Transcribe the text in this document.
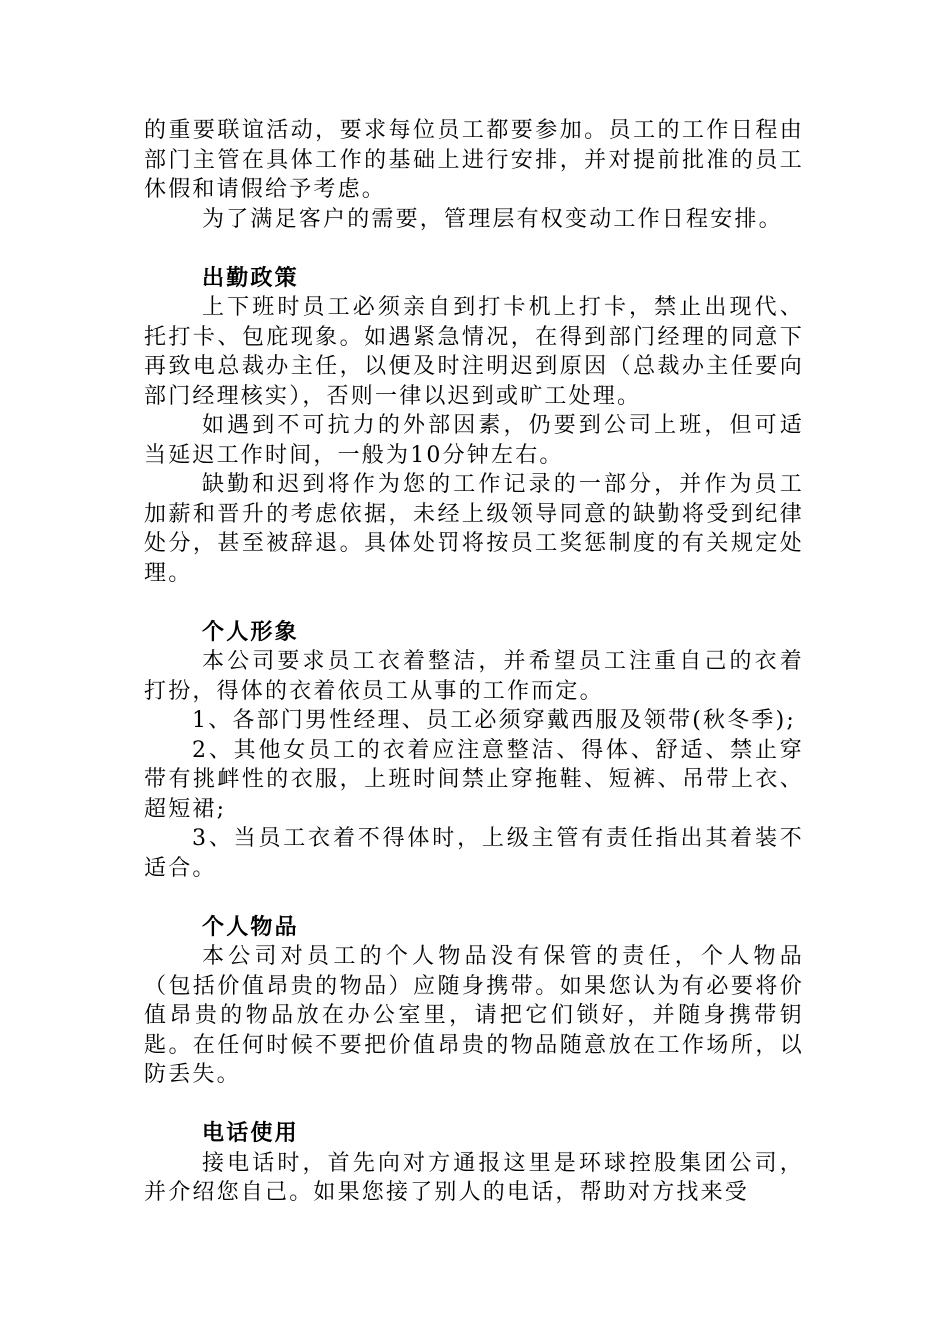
的重要联谊活动，要求每位员工都要参加。员工的工作日程由部门主管在具体工作的基础上进行安排，并对提前批准的员工休假和请假给予考虑。

为了满足客户的需要，管理层有权变动工作日程安排。

出勤政策

上下班时员工必须亲自到打卡机上打卡，禁止出现代、托打卡、包庇现象。如遇紧急情况，在得到部门经理的同意下再致电总裁办主任，以便及时注明迟到原因（总裁办主任要向部门经理核实），否则一律以迟到或旷工处理。

如遇到不可抗力的外部因素，仍要到公司上班，但可适当延迟工作时间，一般为10分钟左右。

缺勤和迟到将作为您的工作记录的一部分，并作为员工加薪和晋升的考虑依据，未经上级领导同意的缺勤将受到纪律处分，甚至被辞退。具体处罚将按员工奖惩制度的有关规定处理。

个人形象

本公司要求员工衣着整洁，并希望员工注重自己的衣着打扮，得体的衣着依员工从事的工作而定。

1、各部门男性经理、员工必须穿戴西服及领带(秋冬季);

2、其他女员工的衣着应注意整洁、得体、舒适、禁止穿带有挑衅性的衣服，上班时间禁止穿拖鞋、短裤、吊带上衣、超短裙;

3、当员工衣着不得体时，上级主管有责任指出其着装不适合。

个人物品

本公司对员工的个人物品没有保管的责任，个人物品（包括价值昂贵的物品）应随身携带。如果您认为有必要将价值昂贵的物品放在办公室里，请把它们锁好，并随身携带钥匙。在任何时候不要把价值昂贵的物品随意放在工作场所，以防丢失。

电话使用

接电话时，首先向对方通报这里是环球控股集团公司，并介绍您自己。如果您接了别人的电话，帮助对方找来受
